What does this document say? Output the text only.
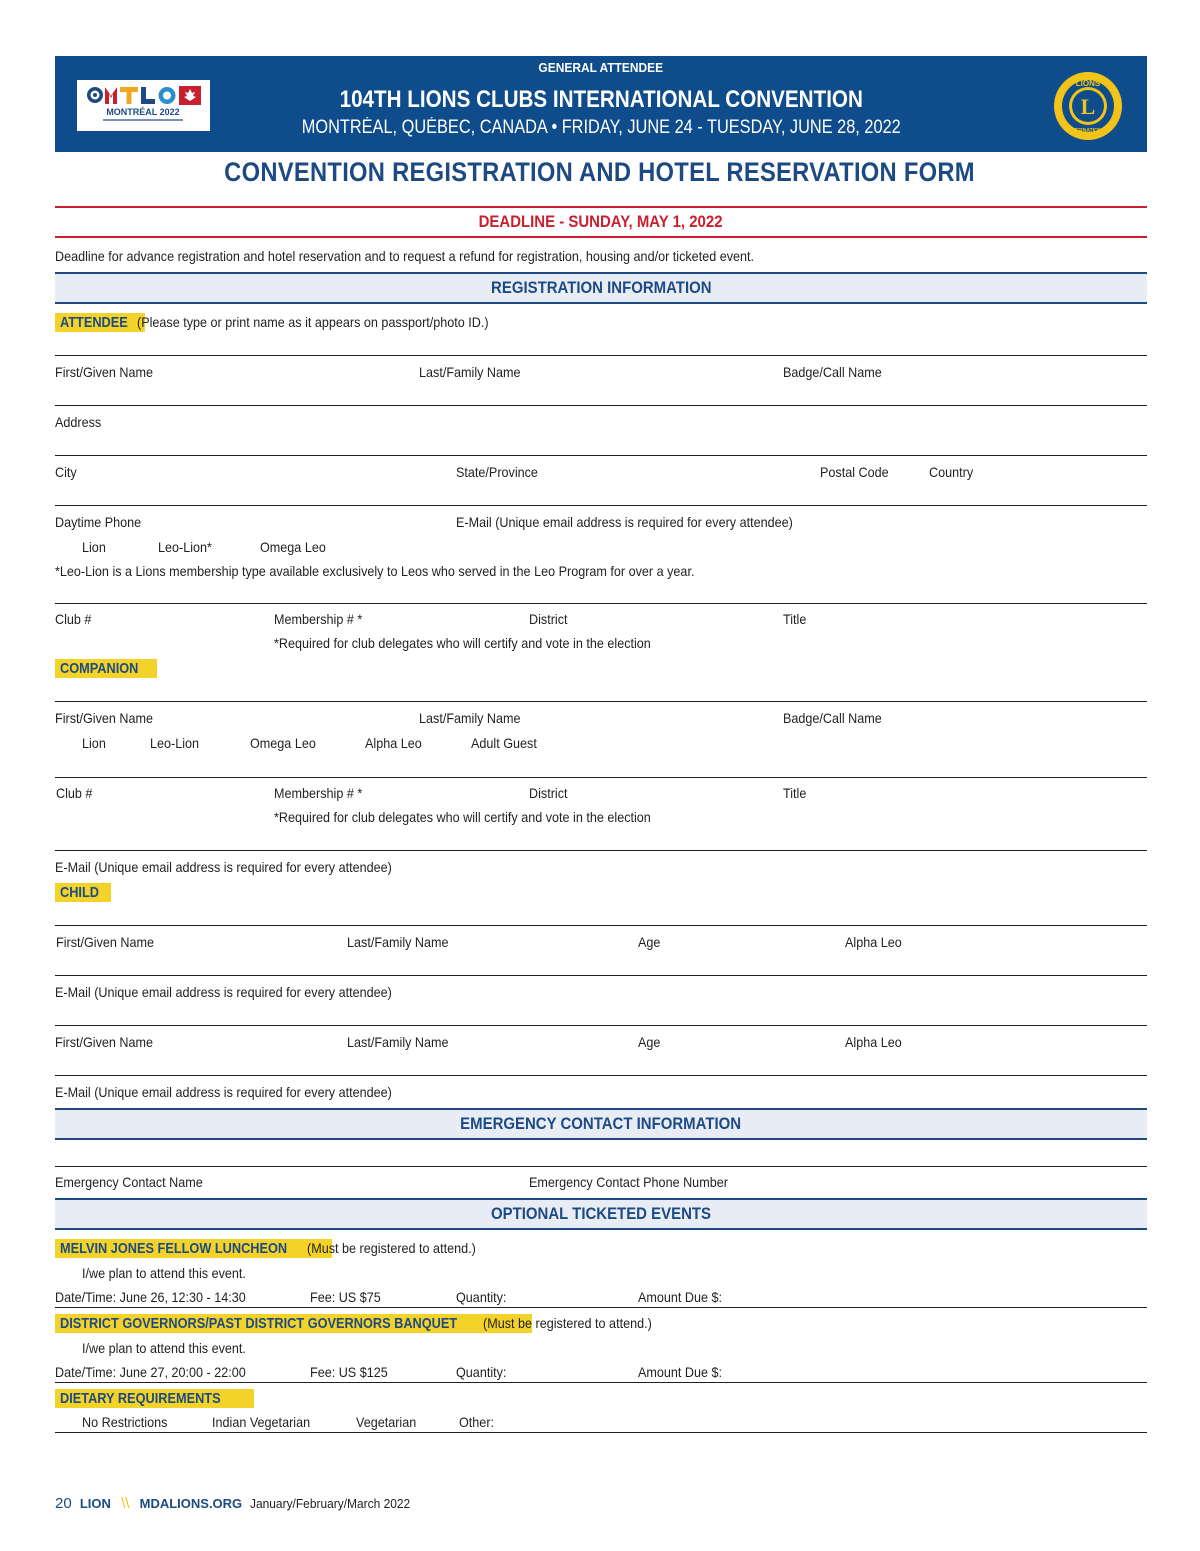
GENERAL ATTENDEE
104TH LIONS CLUBS INTERNATIONAL CONVENTION
MONTRÉAL, QUÉBEC, CANADA • FRIDAY, JUNE 24 - TUESDAY, JUNE 28, 2022
MONTRÉAL 2022	L
LIONS
INTERNATIONAL
CONVENTION REGISTRATION AND HOTEL RESERVATION FORM
DEADLINE - SUNDAY, MAY 1, 2022
Deadline for advance registration and hotel reservation and to request a refund for registration, housing and/or ticketed event.
REGISTRATION INFORMATION
ATTENDEE (Please type or print name as it appears on passport/photo ID.)
First/Given Name	Last/Family Name	Badge/Call Name
Address
City	State/Province	Postal Code	Country
Daytime Phone	E-Mail (Unique email address is required for every attendee)
Lion	Leo-Lion*	Omega Leo
*Leo-Lion is a Lions membership type available exclusively to Leos who served in the Leo Program for over a year.
Club #	Membership # *	District	Title
*Required for club delegates who will certify and vote in the election
COMPANION
First/Given Name	Last/Family Name	Badge/Call Name
Lion	Leo-Lion	Omega Leo	Alpha Leo	Adult Guest
Club #	Membership # *	District	Title
*Required for club delegates who will certify and vote in the election
E-Mail (Unique email address is required for every attendee)
CHILD
First/Given Name	Last/Family Name	Age	Alpha Leo
E-Mail (Unique email address is required for every attendee)
First/Given Name	Last/Family Name	Age	Alpha Leo
E-Mail (Unique email address is required for every attendee)
EMERGENCY CONTACT INFORMATION
Emergency Contact Name	Emergency Contact Phone Number
OPTIONAL TICKETED EVENTS
MELVIN JONES FELLOW LUNCHEON	(Must be registered to attend.)
I/we plan to attend this event.
Date/Time: June 26, 12:30 - 14:30	Fee: US $75	Quantity:	Amount Due $:
DISTRICT GOVERNORS/PAST DISTRICT GOVERNORS BANQUET	(Must be registered to attend.)
I/we plan to attend this event.
Date/Time: June 27, 20:00 - 22:00	Fee: US $125	Quantity:	Amount Due $:
DIETARY REQUIREMENTS
No Restrictions	Indian Vegetarian	Vegetarian	Other:
20 LION \\ MDALIONS.ORG January/February/March 2022
